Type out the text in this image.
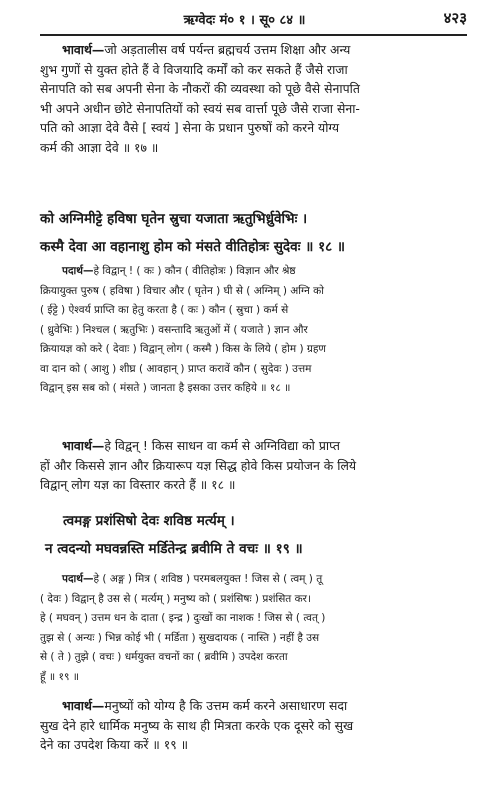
ऋग्वेदः मं० १ । सू० ८४ ॥	४२३
भावार्थ—जो अड़तालीस वर्ष पर्यन्त ब्रह्मचर्य उत्तम शिक्षा और अन्य
शुभ गुणों से युक्त होते हैं वे विजयादि कर्मों को कर सकते हैं जैसे राजा
सेनापति को सब अपनी सेना के नौकरों की व्यवस्था को पूछे वैसे सेनापति
भी अपने अधीन छोटे सेनापतियों को स्वयं सब वार्त्ता पूछे जैसे राजा सेना-
पति को आज्ञा देवे वैसे [ स्वयं ] सेना के प्रधान पुरुषों को करने योग्य
कर्म की आज्ञा देवे ॥ १७ ॥
को अग्निमीट्टे हविषा घृतेन स्रुचा यजाता ऋतुभिर्ध्रुवेभिः ।
कस्मै देवा आ वहानाशु होम को मंसते वीतिहोत्रः सुदेवः ॥ १८ ॥
पदार्थ—हे विद्वान् ! ( कः ) कौन ( वीतिहोत्रः ) विज्ञान और श्रेष्ठ
क्रियायुक्त पुरुष ( हविषा ) विचार और ( घृतेन ) घी से ( अग्निम् ) अग्नि को
( ईट्टे ) ऐश्वर्य प्राप्ति का हेतु करता है ( कः ) कौन ( स्रुचा ) कर्म से
( ध्रुवेभिः ) निश्चल ( ऋतुभिः ) वसन्तादि ऋतुओं में ( यजाते ) ज्ञान और
क्रियायज्ञ को करे ( देवाः ) विद्वान् लोग ( कस्मै ) किस के लिये ( होम ) ग्रहण
वा दान को ( आशु ) शीघ्र ( आवहान् ) प्राप्त करावें कौन ( सुदेवः ) उत्तम
विद्वान् इस सब को ( मंसते ) जानता है इसका उत्तर कहिये ॥ १८ ॥
भावार्थ—हे विद्वन् ! किस साधन वा कर्म से अग्निविद्या को प्राप्त
हों और किससे ज्ञान और क्रियारूप यज्ञ सिद्ध होवे किस प्रयोजन के लिये
विद्वान् लोग यज्ञ का विस्तार करते हैं ॥ १८ ॥
त्वमङ्ग प्रशंसिषो देवः शविष्ठ मर्त्यम् ।
न त्वदन्यो मघवन्नस्ति मर्डितेन्द्र ब्रवीमि ते वचः ॥ १९ ॥
पदार्थ—हे ( अङ्ग ) मित्र ( शविष्ठ ) परमबलयुक्त ! जिस से ( त्वम् ) तू
( देवः ) विद्वान् है उस से ( मर्त्यम् ) मनुष्य को ( प्रशंसिषः ) प्रशंसित कर।
हे ( मघवन् ) उत्तम धन के दाता ( इन्द्र ) दुःखों का नाशक ! जिस से ( त्वत् )
तुझ से ( अन्यः ) भिन्न कोई भी ( मर्डिता ) सुखदायक ( नास्ति ) नहीं है उस
से ( ते ) तुझे ( वचः ) धर्मयुक्त वचनों का ( ब्रवीमि ) उपदेश करता
हूँ ॥ १९ ॥
भावार्थ—मनुष्यों को योग्य है कि उत्तम कर्म करने असाधारण सदा
सुख देने हारे धार्मिक मनुष्य के साथ ही मित्रता करके एक दूसरे को सुख
देने का उपदेश किया करें ॥ १९ ॥
